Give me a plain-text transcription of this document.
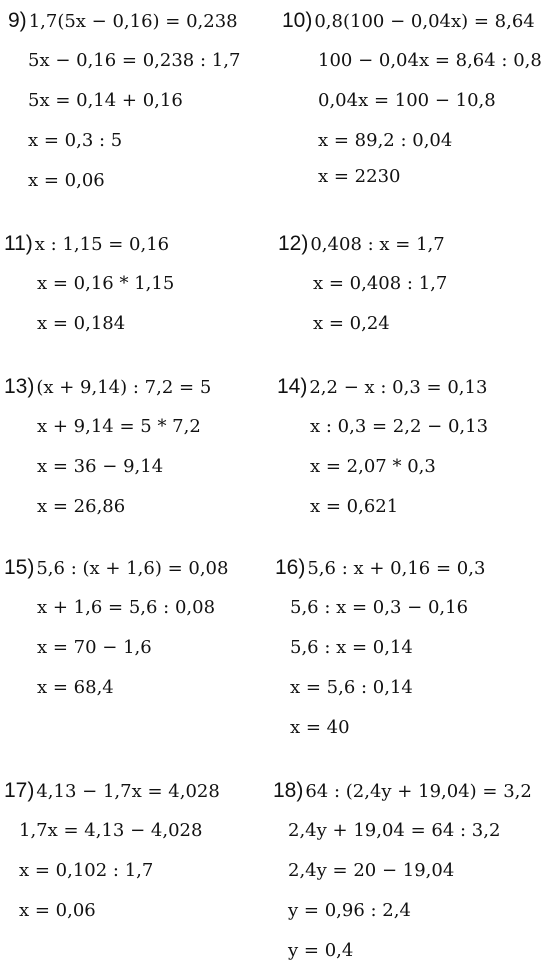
9) 1,7(5x − 0,16) = 0,238
5x − 0,16 = 0,238 : 1,7
5x = 0,14 + 0,16
x = 0,3 : 5
x = 0,06
10) 0,8(100 − 0,04x) = 8,64
100 − 0,04x = 8,64 : 0,8
0,04x = 100 − 10,8
x = 89,2 : 0,04
x = 2230
11) x : 1,15 = 0,16
x = 0,16 * 1,15
x = 0,184
12) 0,408 : x = 1,7
x = 0,408 : 1,7
x = 0,24
13) (x + 9,14) : 7,2 = 5
x + 9,14 = 5 * 7,2
x = 36 − 9,14
x = 26,86
14) 2,2 − x : 0,3 = 0,13
x : 0,3 = 2,2 − 0,13
x = 2,07 * 0,3
x = 0,621
15) 5,6 : (x + 1,6) = 0,08
x + 1,6 = 5,6 : 0,08
x = 70 − 1,6
x = 68,4
16) 5,6 : x + 0,16 = 0,3
5,6 : x = 0,3 − 0,16
5,6 : x = 0,14
x = 5,6 : 0,14
x = 40
17) 4,13 − 1,7x = 4,028
1,7x = 4,13 − 4,028
x = 0,102 : 1,7
x = 0,06
18) 64 : (2,4y + 19,04) = 3,2
2,4y + 19,04 = 64 : 3,2
2,4y = 20 − 19,04
y = 0,96 : 2,4
y = 0,4
